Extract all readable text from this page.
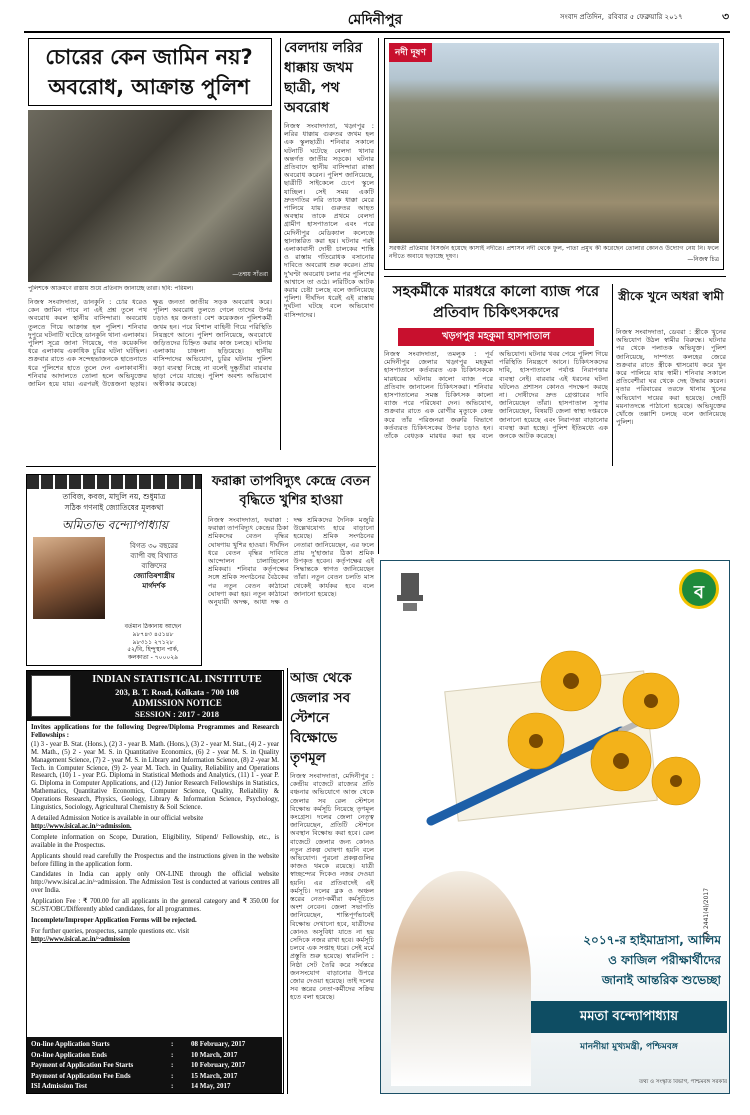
মেদিনীপুর	সংবাদ প্রতিদিন, রবিবার ৫ ফেব্রুয়ারি ২০১৭	৩
চোরের কেন জামিন নয়?
অবরোধ, আক্রান্ত পুলিশ
—তন্ময় সাঁতরা
পুলিশকে আক্রমণে রাস্তায় শুয়ে প্রতিবাদ জানাচ্ছে তারা। ছবি: পরিমল।
নিজস্ব সংবাদদাতা, ডানকুনি : চোর ধরেও কেন জামিন পাবে না এই প্রশ্ন তুলে পথ অবরোধ করল স্থানীয় বাসিন্দারা। অবরোধ তুলতে গিয়ে আক্রান্ত হল পুলিশ। শনিবার দুপুরে ঘটনাটি ঘটেছে ডানকুনি থানা এলাকায়। পুলিশ সূত্রে জানা গিয়েছে, গত কয়েকদিন ধরে এলাকায় একাধিক চুরির ঘটনা ঘটছিল। শুক্রবার রাতে এক সন্দেহভাজনকে হাতেনাতে ধরে পুলিশের হাতে তুলে দেন এলাকাবাসী। শনিবার আদালতে তোলা হলে অভিযুক্তের জামিন হয়ে যায়। এরপরই উত্তেজনা ছড়ায়। ক্ষুব্ধ জনতা জাতীয় সড়ক অবরোধ করে। পুলিশ অবরোধ তুলতে গেলে তাদের উপর চড়াও হয় জনতা। বেশ কয়েকজন পুলিশকর্মী জখম হন। পরে বিশাল বাহিনী গিয়ে পরিস্থিতি নিয়ন্ত্রণে আনে। পুলিশ জানিয়েছে, অবরোধে জড়িতদের চিহ্নিত করার কাজ চলছে। ঘটনায় এলাকায় চাঞ্চল্য ছড়িয়েছে। স্থানীয় বাসিন্দাদের অভিযোগ, চুরির ঘটনায় পুলিশ কড়া ব্যবস্থা নিচ্ছে না বলেই দুষ্কৃতীরা বারবার ছাড়া পেয়ে যাচ্ছে। পুলিশ অবশ্য অভিযোগ অস্বীকার করেছে।
বেলদায় লরির ধাক্কায় জখম ছাত্রী, পথ অবরোধ
নিজস্ব সংবাদদাতা, খড়্গপুর : লরির ধাক্কায় গুরুতর জখম হল এক স্কুলছাত্রী। শনিবার সকালে ঘটনাটি ঘটেছে বেলদা থানার অন্তর্গত জাতীয় সড়কে। ঘটনার প্রতিবাদে স্থানীয় বাসিন্দারা রাস্তা অবরোধ করেন। পুলিশ জানিয়েছে, ছাত্রীটি সাইকেলে চেপে স্কুলে যাচ্ছিল। সেই সময় একটি দ্রুতগতির লরি তাকে ধাক্কা মেরে পালিয়ে যায়। গুরুতর আহত অবস্থায় তাকে প্রথমে বেলদা গ্রামীণ হাসপাতালে এবং পরে মেদিনীপুর মেডিক্যাল কলেজে স্থানান্তরিত করা হয়। ঘটনার পরই এলাকাবাসী দোষী চালকের শাস্তি ও রাস্তায় গতিরোধক বসানোর দাবিতে অবরোধ শুরু করেন। প্রায় দু'ঘণ্টা অবরোধ চলার পর পুলিশের আশ্বাসে তা ওঠে। লরিটিকে আটক করার চেষ্টা চলছে বলে জানিয়েছে পুলিশ। দীর্ঘদিন ধরেই এই রাস্তায় দুর্ঘটনা ঘটছে বলে অভিযোগ বাসিন্দাদের।
নদী দূষণ
সরস্বতী প্রতিমার বিসর্জন হয়েছে কাসাই নদীতে। প্রশাসন নদী থেকে ফুল, পাতা প্রমুখ কী করেছেন তোলার কোনও উদ্যোগ নেয় নি। ফলে নদীতে অবাধে ছড়াচ্ছে দূষণ।	—নিজস্ব চিত্র
সহকর্মীকে মারধরে কালো ব্যাজ পরে প্রতিবাদ চিকিৎসকদের
খড়গপুর মহকুমা হাসপাতাল
নিজস্ব সংবাদদাতা, তমলুক : পূর্ব মেদিনীপুর জেলার খড়্গপুর মহকুমা হাসপাতালে কর্তব্যরত এক চিকিৎসককে মারধরের ঘটনায় কালো ব্যাজ পরে প্রতিবাদ জানালেন চিকিৎসকরা। শনিবার হাসপাতালের সমস্ত চিকিৎসক কালো ব্যাজ পরে পরিষেবা দেন। অভিযোগ, শুক্রবার রাতে এক রোগীর মৃত্যুকে কেন্দ্র করে তাঁর পরিজনরা জরুরি বিভাগে কর্তব্যরত চিকিৎসকের উপর চড়াও হন। তাঁকে বেধড়ক মারধর করা হয় বলে অভিযোগ। ঘটনার খবর পেয়ে পুলিশ গিয়ে পরিস্থিতি নিয়ন্ত্রণে আনে। চিকিৎসকদের দাবি, হাসপাতালে পর্যাপ্ত নিরাপত্তার ব্যবস্থা নেই। বারবার এই ধরনের ঘটনা ঘটলেও প্রশাসন কোনও পদক্ষেপ করছে না। দোষীদের দ্রুত গ্রেপ্তারের দাবি জানিয়েছেন তাঁরা। হাসপাতাল সুপার জানিয়েছেন, বিষয়টি জেলা স্বাস্থ্য দপ্তরকে জানানো হয়েছে এবং নিরাপত্তা বাড়ানোর ব্যবস্থা করা হচ্ছে। পুলিশ ইতিমধ্যে এক জনকে আটক করেছে।
স্ত্রীকে খুনে অধরা স্বামী
নিজস্ব সংবাদদাতা, ডেবরা : স্ত্রীকে খুনের অভিযোগ উঠল স্বামীর বিরুদ্ধে। ঘটনার পর থেকে পলাতক অভিযুক্ত। পুলিশ জানিয়েছে, দাম্পত্য কলহের জেরে শুক্রবার রাতে স্ত্রীকে শ্বাসরোধ করে খুন করে পালিয়ে যায় স্বামী। শনিবার সকালে প্রতিবেশীরা ঘর থেকে দেহ উদ্ধার করেন। মৃতার পরিবারের তরফে থানায় খুনের অভিযোগ দায়ের করা হয়েছে। দেহটি ময়নাতদন্তে পাঠানো হয়েছে। অভিযুক্তের খোঁজে তল্লাশি চলছে বলে জানিয়েছে পুলিশ।
তাবিজ, কবজ, মাদুলি নয়, শুধুমাত্র
সঠিক গণনাই জ্যোতিষের মূলকথা
অমিতাভ বন্দ্যোপাধ্যায়
বিগত ৩০ বছরের
ব্যাপী বহু বিখ্যাত
ব্যক্তিদের
জ্যোতিষশাস্ত্রীয়
মার্গদর্শক
বর্তমান ঠিকানায় আছেন
৯৮৭৪৩ ৪৫১৪৮
৯৮৩১১ ২৭১২৮
৫২/বি, হিন্দুস্থান পার্ক,
কলকাতা - ৭০০০২৯
ফরাক্কা তাপবিদ্যুৎ কেন্দ্রে বেতন বৃদ্ধিতে খুশির হাওয়া
নিজস্ব সংবাদদাতা, ফরাক্কা : ফরাক্কা তাপবিদ্যুৎ কেন্দ্রের ঠিকা শ্রমিকদের বেতন বৃদ্ধির ঘোষণায় খুশির হাওয়া। দীর্ঘদিন ধরে বেতন বৃদ্ধির দাবিতে আন্দোলন চালাচ্ছিলেন শ্রমিকরা। শনিবার কর্তৃপক্ষের সঙ্গে শ্রমিক সংগঠনের বৈঠকের পর নতুন বেতন কাঠামো ঘোষণা করা হয়। নতুন কাঠামো অনুযায়ী অদক্ষ, আধা দক্ষ ও দক্ষ শ্রমিকদের দৈনিক মজুরি উল্লেখযোগ্য হারে বাড়ানো হয়েছে। শ্রমিক সংগঠনের নেতারা জানিয়েছেন, এর ফলে প্রায় দু'হাজার ঠিকা শ্রমিক উপকৃত হবেন। কর্তৃপক্ষের এই সিদ্ধান্তকে স্বাগত জানিয়েছেন তাঁরা। নতুন বেতন চলতি মাস থেকেই কার্যকর হবে বলে জানানো হয়েছে।
INDIAN STATISTICAL INSTITUTE
203, B. T. Road, Kolkata - 700 108
ADMISSION NOTICE
SESSION : 2017 - 2018
Invites applications for the following Degree/Diploma Programmes and Research Fellowships :
(1) 3 - year B. Stat. (Hons.), (2) 3 - year B. Math. (Hons.), (3) 2 - year M. Stat., (4) 2 - year M. Math., (5) 2 - year M. S. in Quantitative Economics, (6) 2 - year M. S. in Quality Management Science, (7) 2 - year M. S. in Library and Information Science, (8) 2 -year M. Tech. in Computer Science, (9) 2- year M. Tech. in Quality, Reliability and Operations Research, (10) 1 - year P.G. Diploma in Statistical Methods and Analytics, (11) 1 - year P. G. Diploma in Computer Applications, and (12) Junior Research Fellowships in Statistics, Mathematics, Quantitative Economics, Computer Science, Quality, Reliability & Operations Research, Physics, Geology, Library & Information Science, Psychology, Linguistics, Sociology, Agricultural Chemistry & Soil Science.
A detailed Admission Notice is available in our official website
http://www.isical.ac.in/~admission.
Complete information on Scope, Duration, Eligibility, Stipend/ Fellowship, etc., is available in the Prospectus.
Applicants should read carefully the Prospectus and the instructions given in the website before filling in the application form.
Candidates in India can apply only ON-LINE through the official website http://www.isical.ac.in/~admission. The Admission Test is conducted at various centres all over India.
Application Fee : ₹ 700.00 for all applicants in the general category and ₹ 350.00 for SC/ST/OBC/Differently abled candidates, for all programmes.
Incomplete/Improper Application Forms will be rejected.
For further queries, prospectus, sample questions etc. visit
http://www.isical.ac.in/~admission
On-line Application Starts	:	08 February, 2017
On-line Application Ends	:	10 March, 2017
Payment of Application Fee Starts	:	10 February, 2017
Payment of Application Fee Ends	:	15 March, 2017
ISI Admission Test	:	14 May, 2017
আজ থেকে জেলার সব স্টেশনে বিক্ষোভে তৃণমূল
নিজস্ব সংবাদদাতা, মেদিনীপুর : কেন্দ্রীয় বাজেটে রাজ্যের প্রতি বঞ্চনার অভিযোগে আজ থেকে জেলার সব রেল স্টেশনে বিক্ষোভ কর্মসূচি নিয়েছে তৃণমূল কংগ্রেস। দলের জেলা নেতৃত্ব জানিয়েছেন, প্রতিটি স্টেশনে অবস্থান বিক্ষোভ করা হবে। রেল বাজেটে জেলার জন্য কোনও নতুন প্রকল্প ঘোষণা হয়নি বলে অভিযোগ। পুরনো প্রকল্পগুলির কাজও থমকে রয়েছে। যাত্রী স্বাচ্ছন্দ্যের দিকেও নজর দেওয়া হয়নি। এর প্রতিবাদেই এই কর্মসূচি। দলের ব্লক ও অঞ্চল স্তরের নেতা-কর্মীরা কর্মসূচিতে অংশ নেবেন। জেলা সভাপতি জানিয়েছেন, শান্তিপূর্ণভাবেই বিক্ষোভ দেখানো হবে, যাত্রীদের কোনও অসুবিধা যাতে না হয় সেদিকে নজর রাখা হবে। কর্মসূচি চলবে এক সপ্তাহ ধরে। সেই মর্মে প্রস্তুতি শুরু হয়েছে। স্বারলিপি : নিষ্ঠা সেট তৈরি করে সর্বস্তরে জনসংযোগ বাড়ানোর উপরে জোর দেওয়া হয়েছে। তাই দলের সব স্তরের নেতা-কর্মীদের সক্রিয় হতে বলা হয়েছে।
ব
২০১৭-র হাইমাদ্রাসা, আলিম
ও ফাজিল পরীক্ষার্থীদের
জানাই আন্তরিক শুভেচ্ছা
মমতা বন্দ্যোপাধ্যায়
মাননীয়া মুখ্যমন্ত্রী, পশ্চিমবঙ্গ
তথ্য ও সংস্কৃতি বিভাগ, পশ্চিমবঙ্গ সরকার
ICA 2441(4)/2017
